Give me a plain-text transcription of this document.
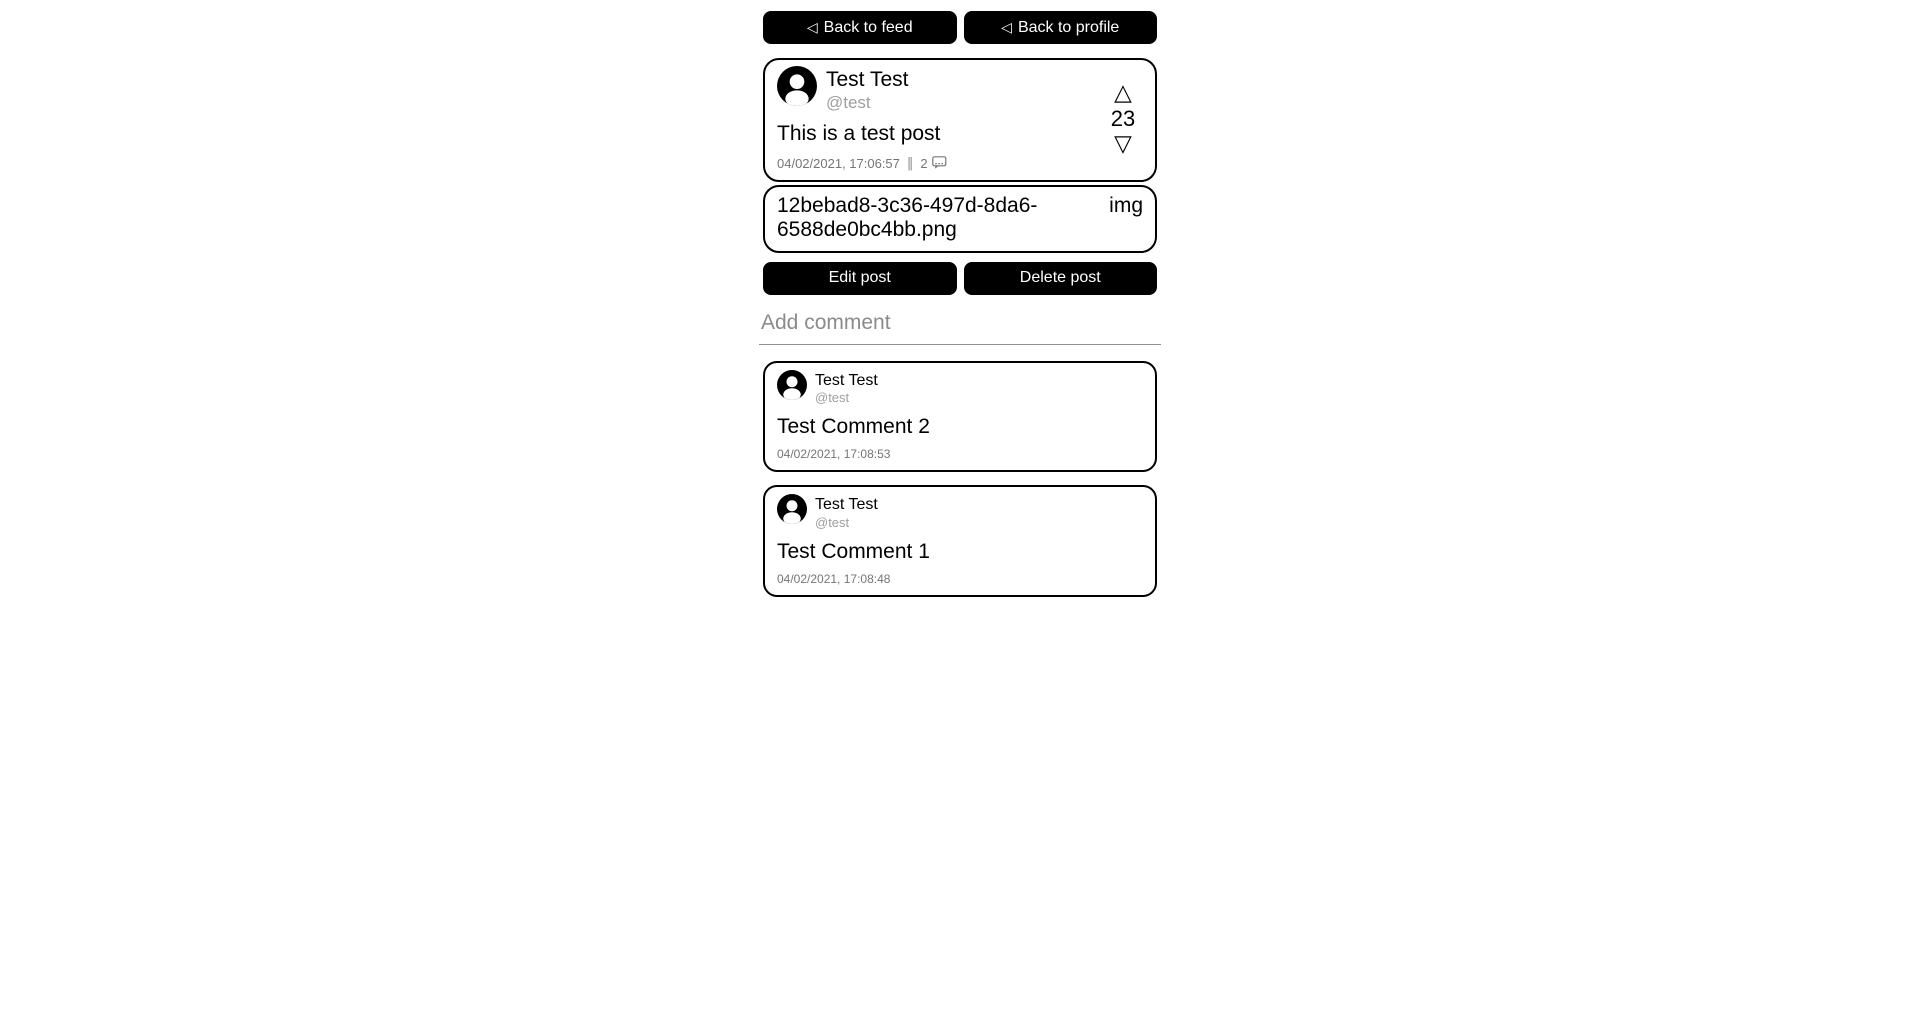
◁ Back to feed	◁ Back to profile
Test Test
@test
This is a test post
04/02/2021, 17:06:57 ‖ 2
△
23
▽
12bebad8-3c36-497d-8da6-6588de0bc4bb.png
img
Edit post	Delete post
Add comment
Test Test
@test
Test Comment 2
04/02/2021, 17:08:53
Test Test
@test
Test Comment 1
04/02/2021, 17:08:48
